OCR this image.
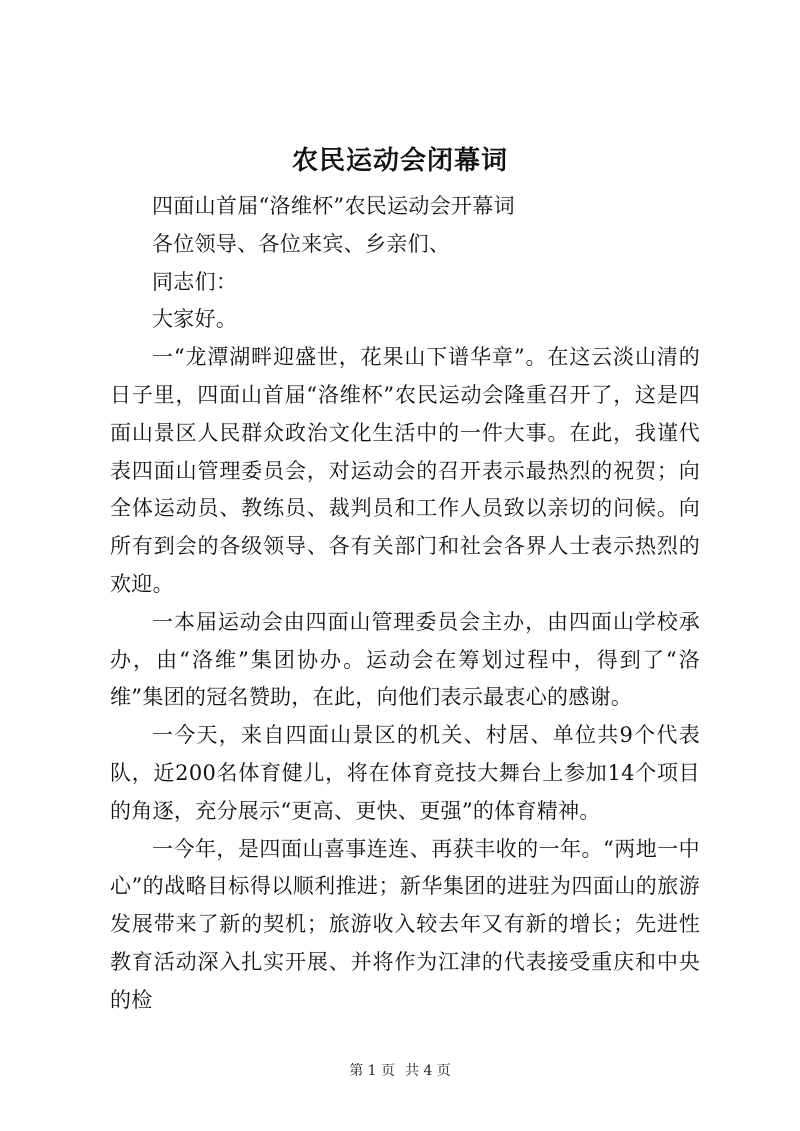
农民运动会闭幕词

四面山首届“洛维杯”农民运动会开幕词

各位领导、各位来宾、乡亲们、

同志们：

大家好。

一“龙潭湖畔迎盛世，花果山下谱华章”。在这云淡山清的日子里，四面山首届“洛维杯”农民运动会隆重召开了，这是四面山景区人民群众政治文化生活中的一件大事。在此，我谨代表四面山管理委员会，对运动会的召开表示最热烈的祝贺；向全体运动员、教练员、裁判员和工作人员致以亲切的问候。向所有到会的各级领导、各有关部门和社会各界人士表示热烈的欢迎。

一本届运动会由四面山管理委员会主办，由四面山学校承办，由“洛维”集团协办。运动会在筹划过程中，得到了“洛维”集团的冠名赞助，在此，向他们表示最衷心的感谢。

一今天，来自四面山景区的机关、村居、单位共9个代表队，近200名体育健儿，将在体育竞技大舞台上参加14个项目的角逐，充分展示“更高、更快、更强”的体育精神。

一今年，是四面山喜事连连、再获丰收的一年。“两地一中心”的战略目标得以顺利推进；新华集团的进驻为四面山的旅游发展带来了新的契机；旅游收入较去年又有新的增长；先进性教育活动深入扎实开展、并将作为江津的代表接受重庆和中央的检

第 1 页 共 4 页
